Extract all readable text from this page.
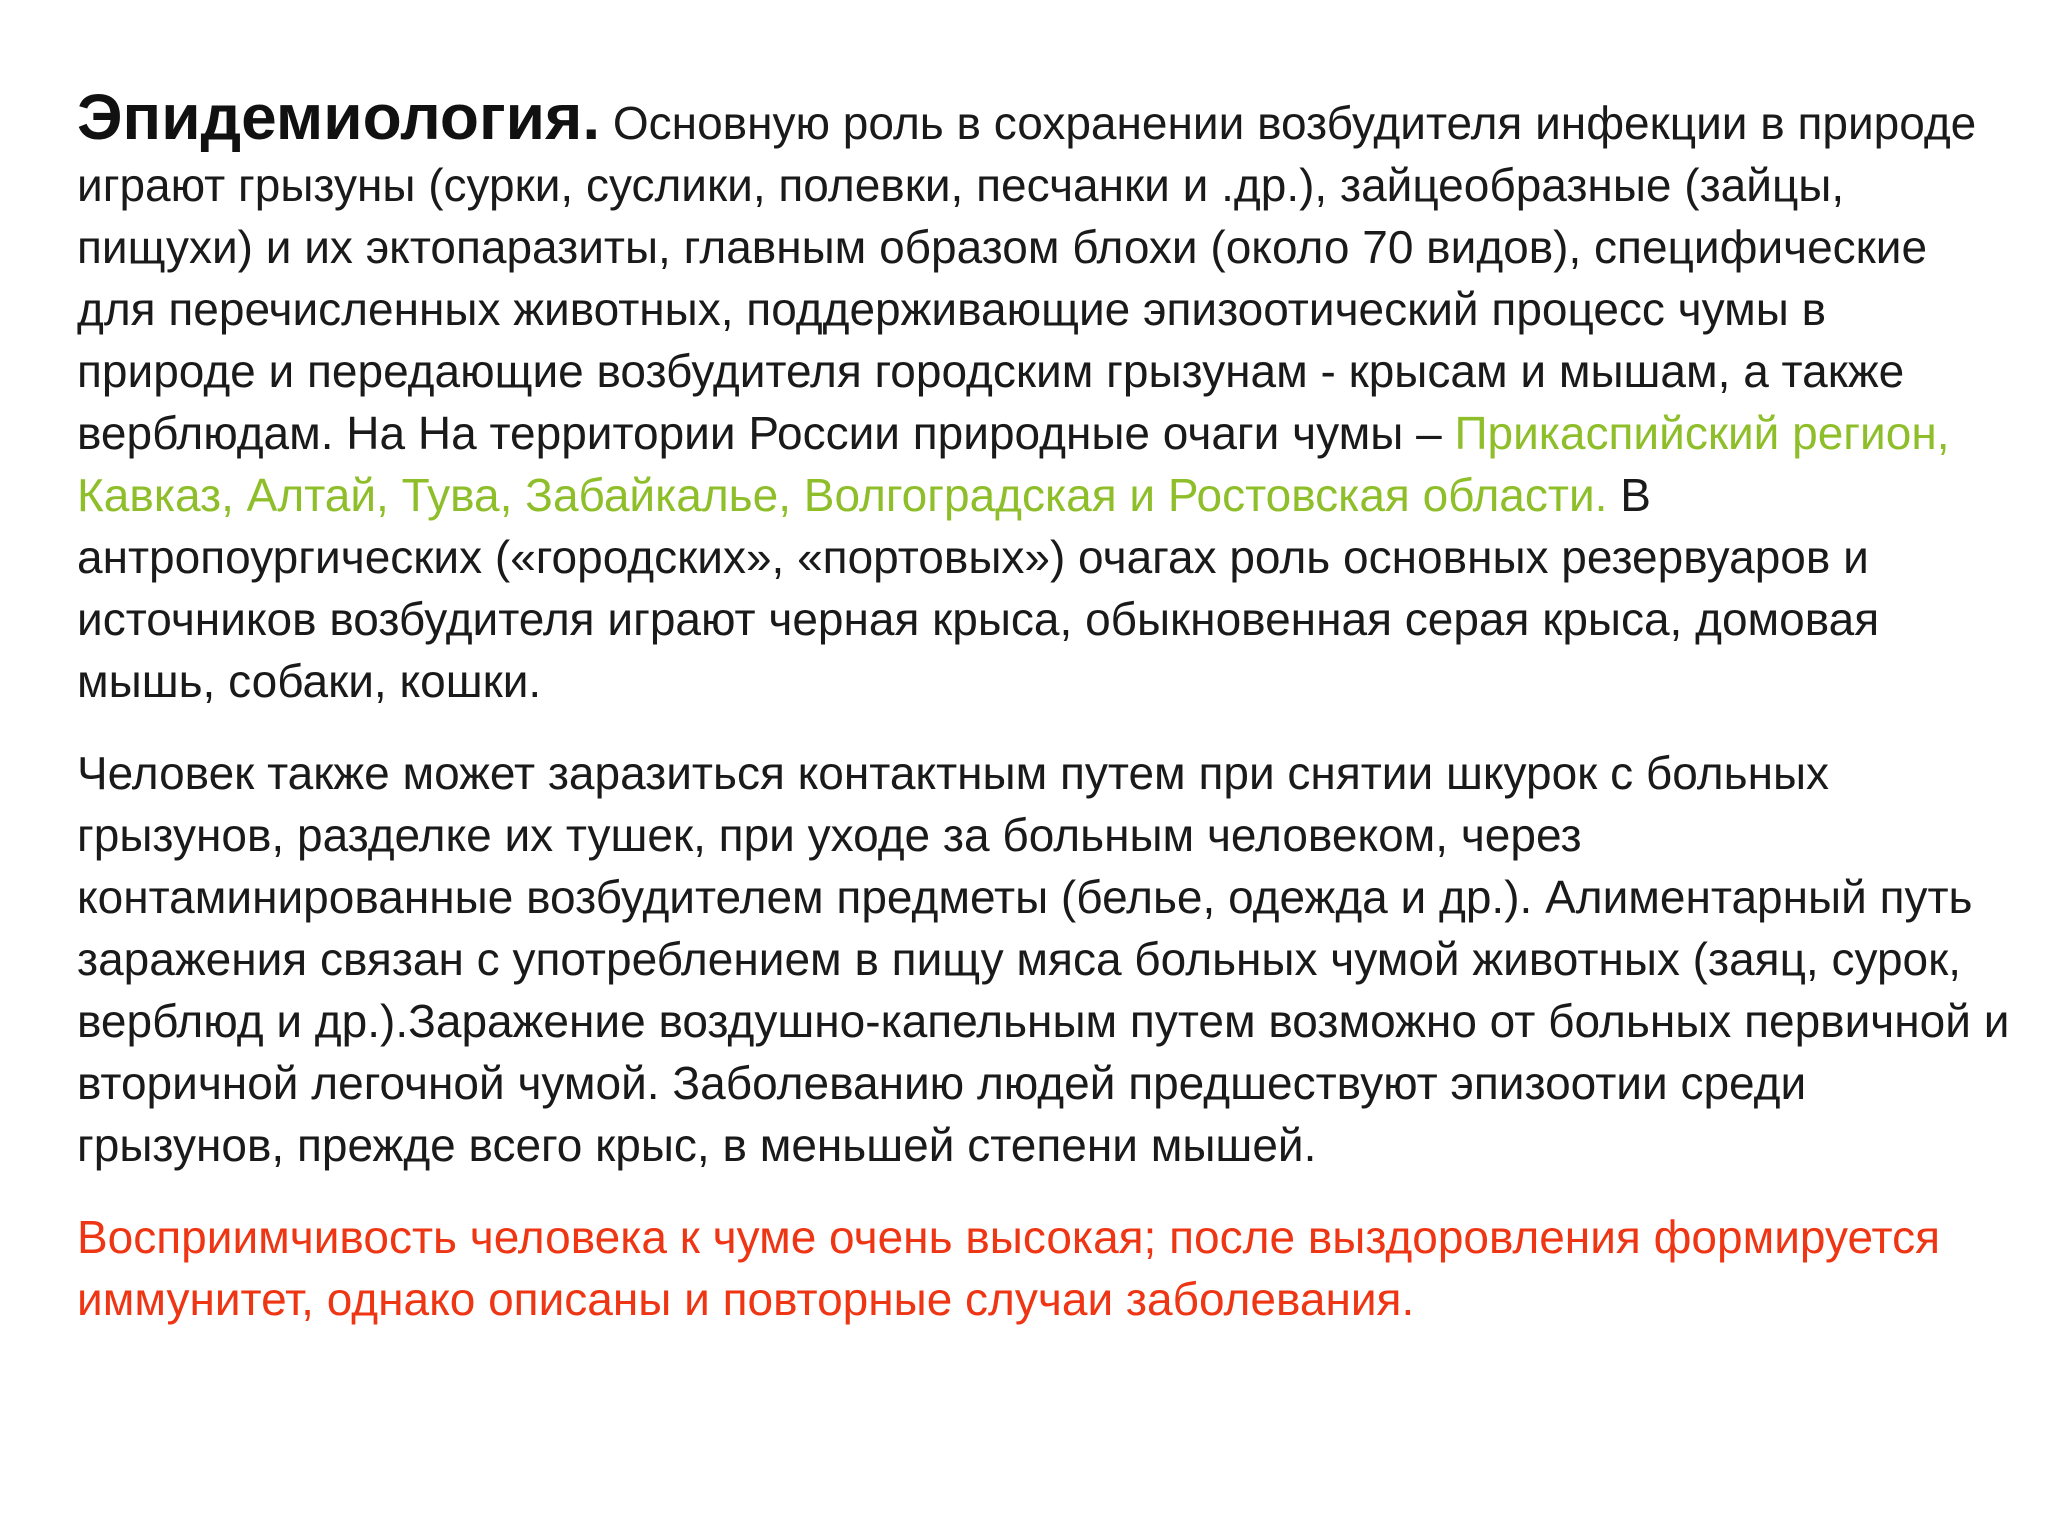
Эпидемиология. Основную роль в сохранении возбудителя инфекции в природе играют грызуны (сурки, суслики, полевки, песчанки и .др.), зайцеобразные (зайцы, пищухи) и их эктопаразиты, главным образом блохи (около 70 видов), специфические для перечисленных животных, поддерживающие эпизоотический процесс чумы в природе и передающие возбудителя городским грызунам - крысам и мышам, а также верблюдам. На На территории России природные очаги чумы – Прикаспийский регион, Кавказ, Алтай, Тува, Забайкалье, Волгоградская и Ростовская области. В антропоургических («городских», «портовых») очагах роль основных резервуаров и источников возбудителя играют черная крыса, обыкновенная серая крыса, домовая мышь, собаки, кошки.

Человек также может заразиться контактным путем при снятии шкурок с больных грызунов, разделке их тушек, при уходе за больным человеком, через контаминированные возбудителем предметы (белье, одежда и др.). Алиментарный путь заражения связан с употреблением в пищу мяса больных чумой животных (заяц, сурок, верблюд и др.).Заражение воздушно-капельным путем возможно от больных первичной и вторичной легочной чумой. Заболеванию людей предшествуют эпизоотии среди грызунов, прежде всего крыс, в меньшей степени мышей.

Восприимчивость человека к чуме очень высокая; после выздоровления формируется иммунитет, однако описаны и повторные случаи заболевания.
